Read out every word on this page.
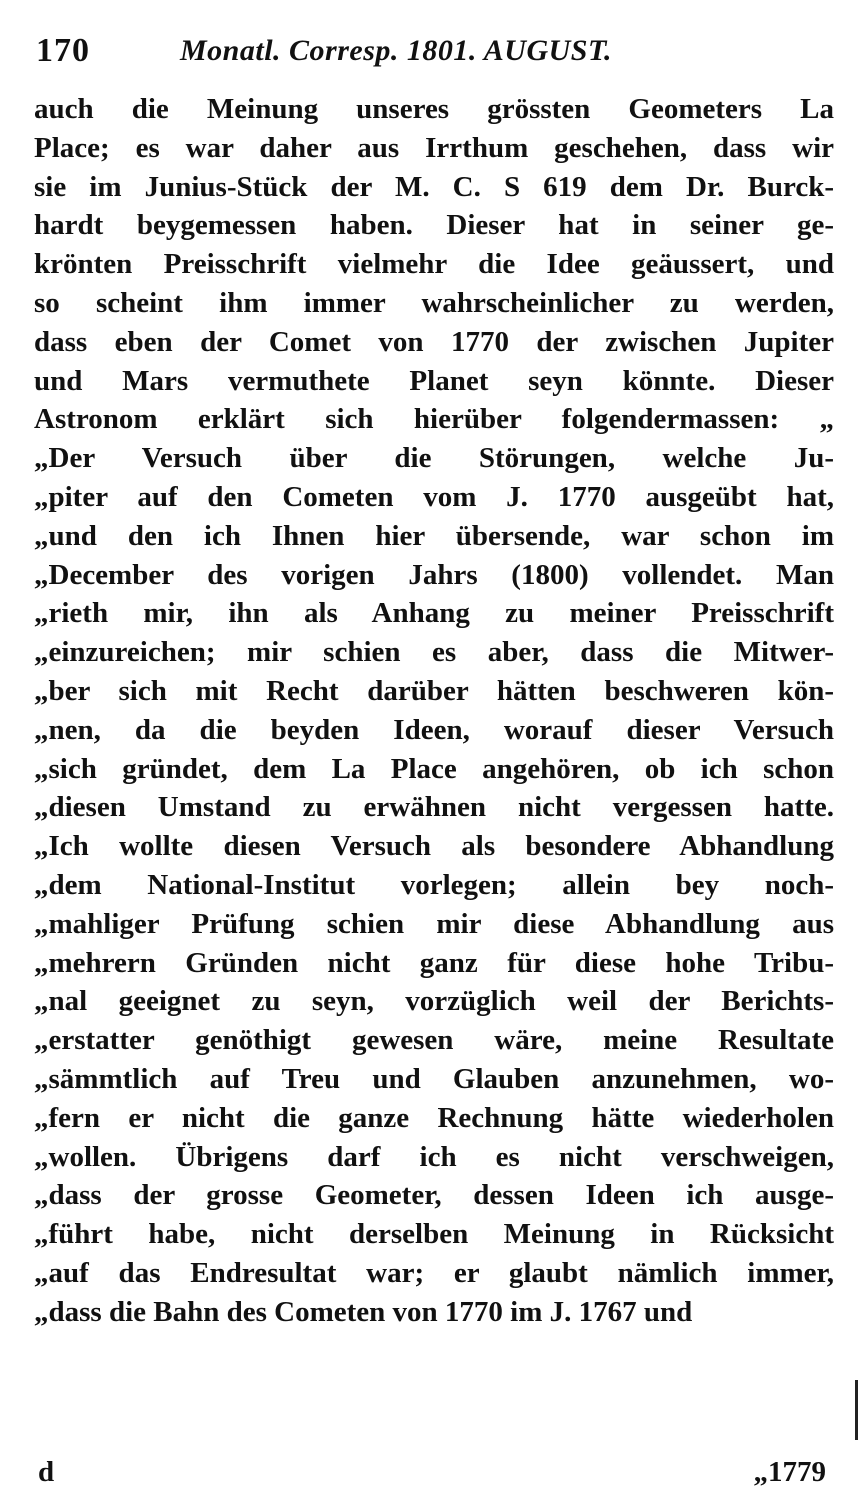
170	Monatl. Corresp. 1801. AUGUST.
auch die Meinung unseres grössten Geometers La
Place; es war daher aus Irrthum geschehen, dass wir
sie im Junius-Stück der M. C. S 619 dem Dr. Burck-
hardt beygemessen haben. Dieser hat in seiner ge-
krönten Preisschrift vielmehr die Idee geäussert, und
so scheint ihm immer wahrscheinlicher zu werden,
dass eben der Comet von 1770 der zwischen Jupiter
und Mars vermuthete Planet seyn könnte. Dieser
Astronom erklärt sich hierüber folgendermassen: „
„Der Versuch über die Störungen, welche Ju-
„piter auf den Cometen vom J. 1770 ausgeübt hat,
„und den ich Ihnen hier übersende, war schon im
„December des vorigen Jahrs (1800) vollendet. Man
„rieth mir, ihn als Anhang zu meiner Preisschrift
„einzureichen; mir schien es aber, dass die Mitwer-
„ber sich mit Recht darüber hätten beschweren kön-
„nen, da die beyden Ideen, worauf dieser Versuch
„sich gründet, dem La Place angehören, ob ich schon
„diesen Umstand zu erwähnen nicht vergessen hatte.
„Ich wollte diesen Versuch als besondere Abhandlung
„dem National-Institut vorlegen; allein bey noch-
„mahliger Prüfung schien mir diese Abhandlung aus
„mehrern Gründen nicht ganz für diese hohe Tribu-
„nal geeignet zu seyn, vorzüglich weil der Berichts-
„erstatter genöthigt gewesen wäre, meine Resultate
„sämmtlich auf Treu und Glauben anzunehmen, wo-
„fern er nicht die ganze Rechnung hätte wiederholen
„wollen. Übrigens darf ich es nicht verschweigen,
„dass der grosse Geometer, dessen Ideen ich ausge-
„führt habe, nicht derselben Meinung in Rücksicht
„auf das Endresultat war; er glaubt nämlich immer,
„dass die Bahn des Cometen von 1770 im J. 1767 und
d	„1779
